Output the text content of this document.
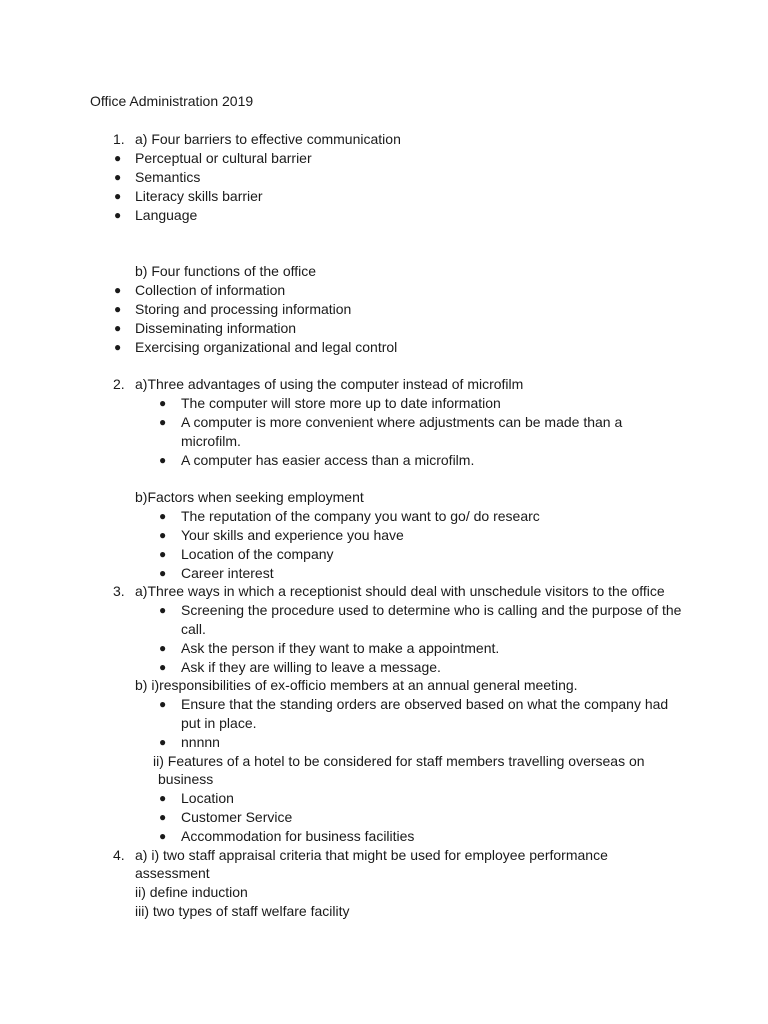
Office Administration 2019
1. a) Four barriers to effective communication
● Perceptual or cultural barrier
● Semantics
● Literacy skills barrier
● Language
b) Four functions of the office
● Collection of information
● Storing and processing information
● Disseminating information
● Exercising organizational and legal control
2. a)Three advantages of using the computer instead of microfilm
● The computer will store more up to date information
● A computer is more convenient where adjustments can be made than a
microfilm.
● A computer has easier access than a microfilm.
b)Factors when seeking employment
● The reputation of the company you want to go/ do researc
● Your skills and experience you have
● Location of the company
● Career interest
3. a)Three ways in which a receptionist should deal with unschedule visitors to the office
● Screening the procedure used to determine who is calling and the purpose of the
call.
● Ask the person if they want to make a appointment.
● Ask if they are willing to leave a message.
b) i)responsibilities of ex-officio members at an annual general meeting.
● Ensure that the standing orders are observed based on what the company had
put in place.
● nnnnn
ii) Features of a hotel to be considered for staff members travelling overseas on
business
● Location
● Customer Service
● Accommodation for business facilities
4. a) i) two staff appraisal criteria that might be used for employee performance
assessment
ii) define induction
iii) two types of staff welfare facility
